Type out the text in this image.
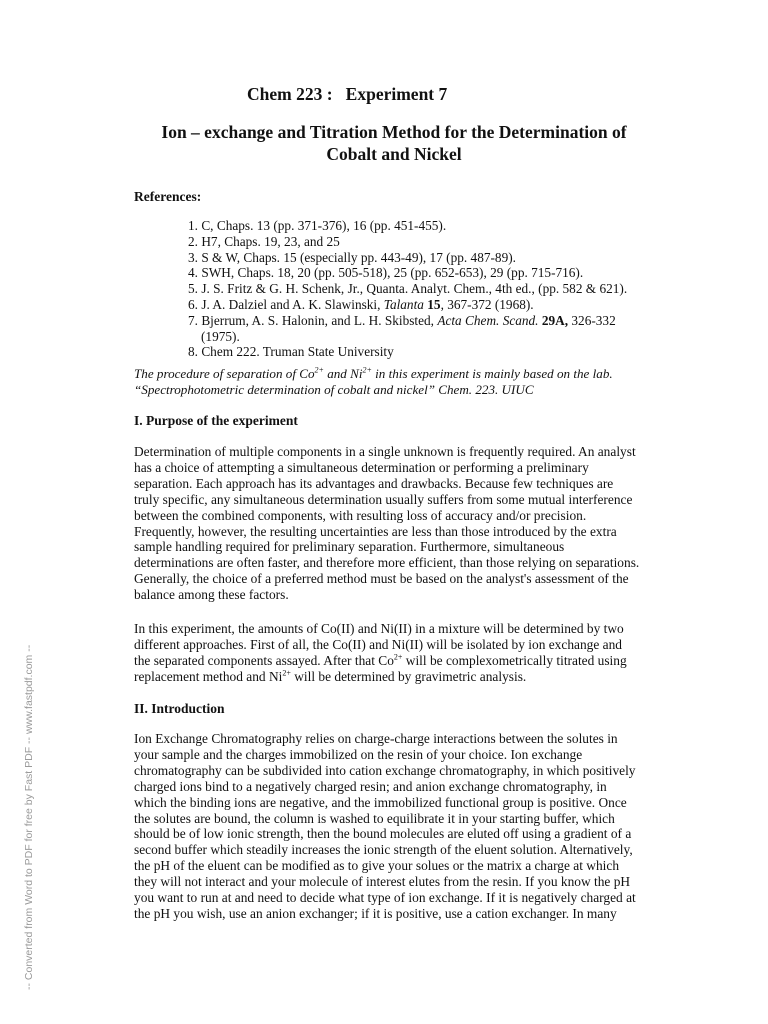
Chem 223 :   Experiment 7
Ion – exchange and Titration Method for the Determination of
Cobalt and Nickel
References:
1. C, Chaps. 13 (pp. 371-376), 16 (pp. 451-455).
2. H7, Chaps. 19, 23, and 25
3. S & W, Chaps. 15 (especially pp. 443-49), 17 (pp. 487-89).
4. SWH, Chaps. 18, 20 (pp. 505-518), 25 (pp. 652-653), 29 (pp. 715-716).
5. J. S. Fritz & G. H. Schenk, Jr., Quanta. Analyt. Chem., 4th ed., (pp. 582 & 621).
6. J. A. Dalziel and A. K. Slawinski, Talanta 15, 367-372 (1968).
7. Bjerrum, A. S. Halonin, and L. H. Skibsted, Acta Chem. Scand. 29A, 326-332
(1975).
8. Chem 222. Truman State University
The procedure of separation of $Co^{2+}$ and $Ni^{2+}$ in this experiment is mainly based on the lab.
“Spectrophotometric determination of cobalt and nickel” Chem. 223. UIUC
I. Purpose of the experiment
Determination of multiple components in a single unknown is frequently required. An analyst
has a choice of attempting a simultaneous determination or performing a preliminary
separation. Each approach has its advantages and drawbacks. Because few techniques are
truly specific, any simultaneous determination usually suffers from some mutual interference
between the combined components, with resulting loss of accuracy and/or precision.
Frequently, however, the resulting uncertainties are less than those introduced by the extra
sample handling required for preliminary separation. Furthermore, simultaneous
determinations are often faster, and therefore more efficient, than those relying on separations.
Generally, the choice of a preferred method must be based on the analyst's assessment of the
balance among these factors.
In this experiment, the amounts of Co(II) and Ni(II) in a mixture will be determined by two
different approaches. First of all, the Co(II) and Ni(II) will be isolated by ion exchange and
the separated components assayed. After that $Co^{2+}$ will be complexometrically titrated using
replacement method and $Ni^{2+}$ will be determined by gravimetric analysis.
II. Introduction
Ion Exchange Chromatography relies on charge-charge interactions between the solutes in
your sample and the charges immobilized on the resin of your choice. Ion exchange
chromatography can be subdivided into cation exchange chromatography, in which positively
charged ions bind to a negatively charged resin; and anion exchange chromatography, in
which the binding ions are negative, and the immobilized functional group is positive. Once
the solutes are bound, the column is washed to equilibrate it in your starting buffer, which
should be of low ionic strength, then the bound molecules are eluted off using a gradient of a
second buffer which steadily increases the ionic strength of the eluent solution. Alternatively,
the pH of the eluent can be modified as to give your solues or the matrix a charge at which
they will not interact and your molecule of interest elutes from the resin. If you know the pH
you want to run at and need to decide what type of ion exchange. If it is negatively charged at
the pH you wish, use an anion exchanger; if it is positive, use a cation exchanger. In many
-- Converted from Word to PDF for free by Fast PDF -- www.fastpdf.com --
